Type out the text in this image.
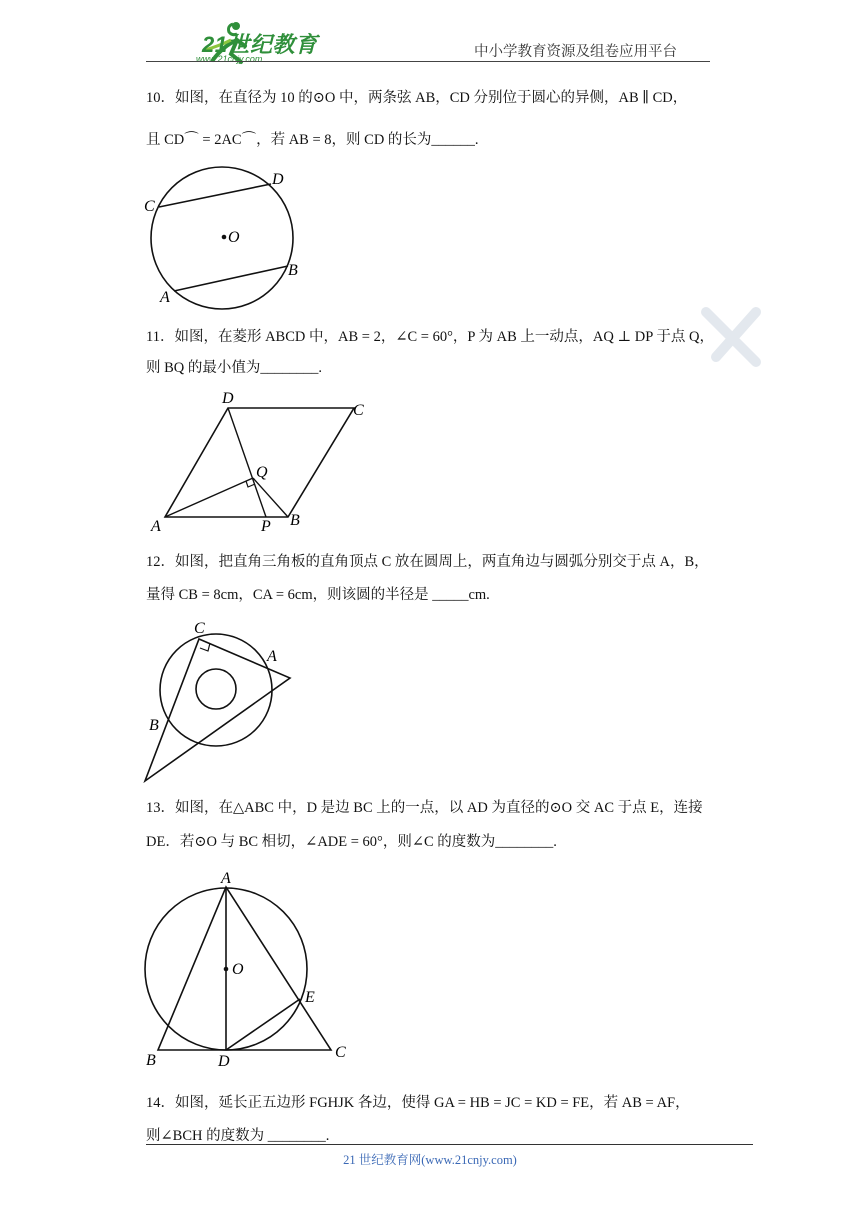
21世纪教育
www.21cnjy.com	中小学教育资源及组卷应用平台
10．如图，在直径为 10 的⊙O 中，两条弦 AB，CD 分别位于圆心的异侧，AB ∥ CD，
且 CD⌒ = 2AC⌒，若 AB = 8，则 CD 的长为______.
C
D
O
A
B
11．如图，在菱形 ABCD 中，AB = 2，∠C = 60°，P 为 AB 上一动点，AQ ⊥ DP 于点 Q，
则 BQ 的最小值为________.
D
C
Q
A	P B
12．如图，把直角三角板的直角顶点 C 放在圆周上，两直角边与圆弧分别交于点 A，B，
量得 CB = 8cm，CA = 6cm，则该圆的半径是 _____cm.
C
A
B
13．如图，在△ABC 中，D 是边 BC 上的一点，以 AD 为直径的⊙O 交 AC 于点 E，连接
DE．若⊙O 与 BC 相切，∠ADE = 60°，则∠C 的度数为________.
A
O
E
B	D
C
14．如图，延长正五边形 FGHJK 各边，使得 GA = HB = JC = KD = FE，若 AB = AF，
则∠BCH 的度数为 ________.
21 世纪教育网(www.21cnjy.com)
